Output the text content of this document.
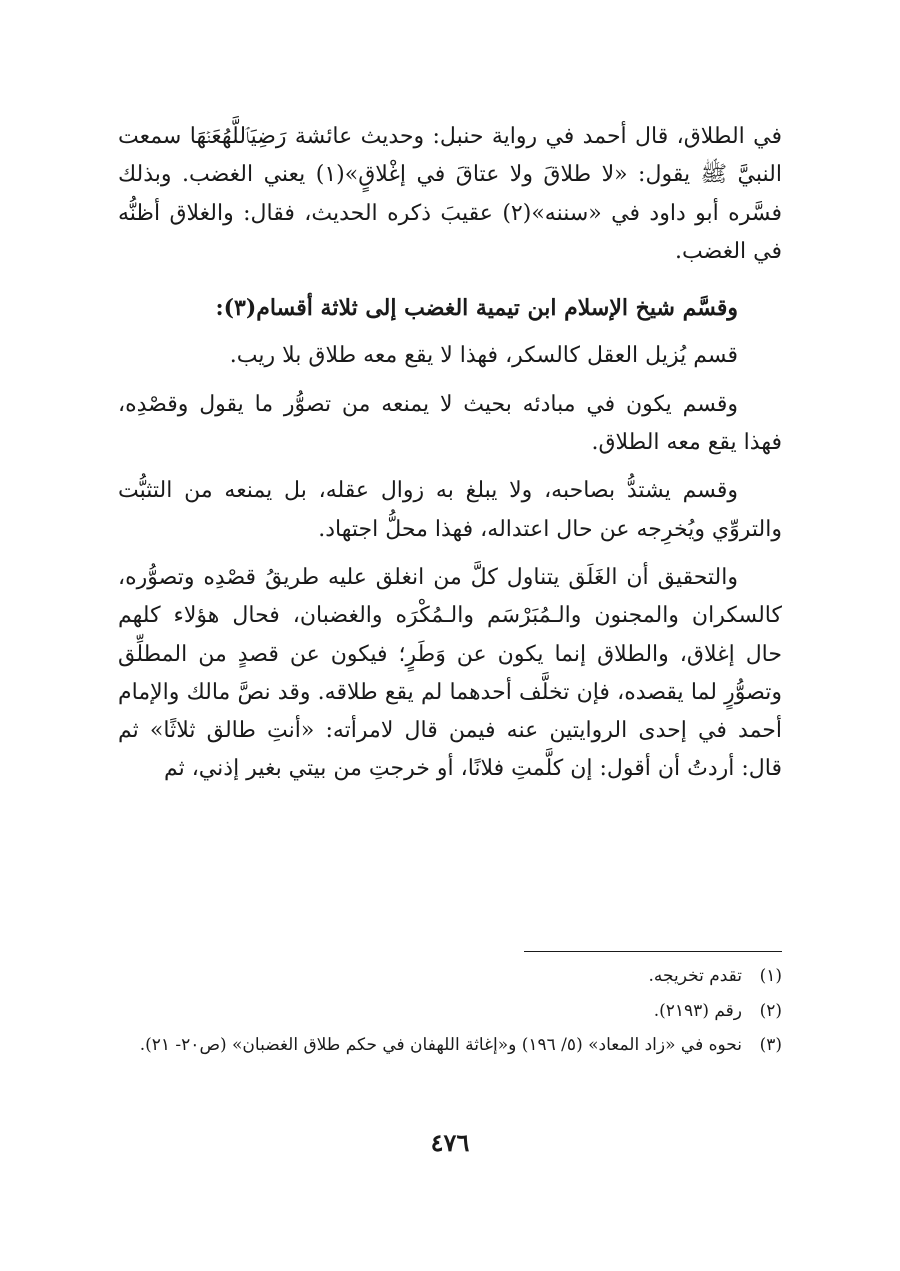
في الطلاق، قال أحمد في رواية حنبل: وحديث عائشة رَضِيَٱللَّهُعَنۡهَا سمعت النبيَّ ﷺ يقول: «لا طلاقَ ولا عتاقَ في إغْلاقٍ»(١) يعني الغضب. وبذلك فسَّره أبو داود في «سننه»(٢) عقيبَ ذكره الحديث، فقال: والغلاق أظنُّه في الغضب.

وقسَّم شيخ الإسلام ابن تيمية الغضب إلى ثلاثة أقسام(٣):

قسم يُزيل العقل كالسكر، فهذا لا يقع معه طلاق بلا ريب.

وقسم يكون في مبادئه بحيث لا يمنعه من تصوُّر ما يقول وقصْدِه، فهذا يقع معه الطلاق.

وقسم يشتدُّ بصاحبه، ولا يبلغ به زوال عقله، بل يمنعه من التثبُّت والتروِّي ويُخرِجه عن حال اعتداله، فهذا محلُّ اجتهاد.

والتحقيق أن الغَلَق يتناول كلَّ من انغلق عليه طريقُ قصْدِه وتصوُّره، كالسكران والمجنون والـمُبَرْسَم والـمُكْرَه والغضبان، فحال هؤلاء كلهم حال إغلاق، والطلاق إنما يكون عن وَطَرٍ؛ فيكون عن قصدٍ من المطلِّق وتصوُّرٍ لما يقصده، فإن تخلَّف أحدهما لم يقع طلاقه. وقد نصَّ مالك والإمام أحمد في إحدى الروايتين عنه فيمن قال لامرأته: «أنتِ طالق ثلاثًا» ثم قال: أردتُ أن أقول: إن كلَّمتِ فلانًا، أو خرجتِ من بيتي بغير إذني، ثم

(١)
تقدم تخريجه.
(٢)
رقم (٢١٩٣).
(٣)
نحوه في «زاد المعاد» (٥/ ١٩٦) و«إغاثة اللهفان في حكم طلاق الغضبان» (ص٢٠- ٢١).
٤٧٦
